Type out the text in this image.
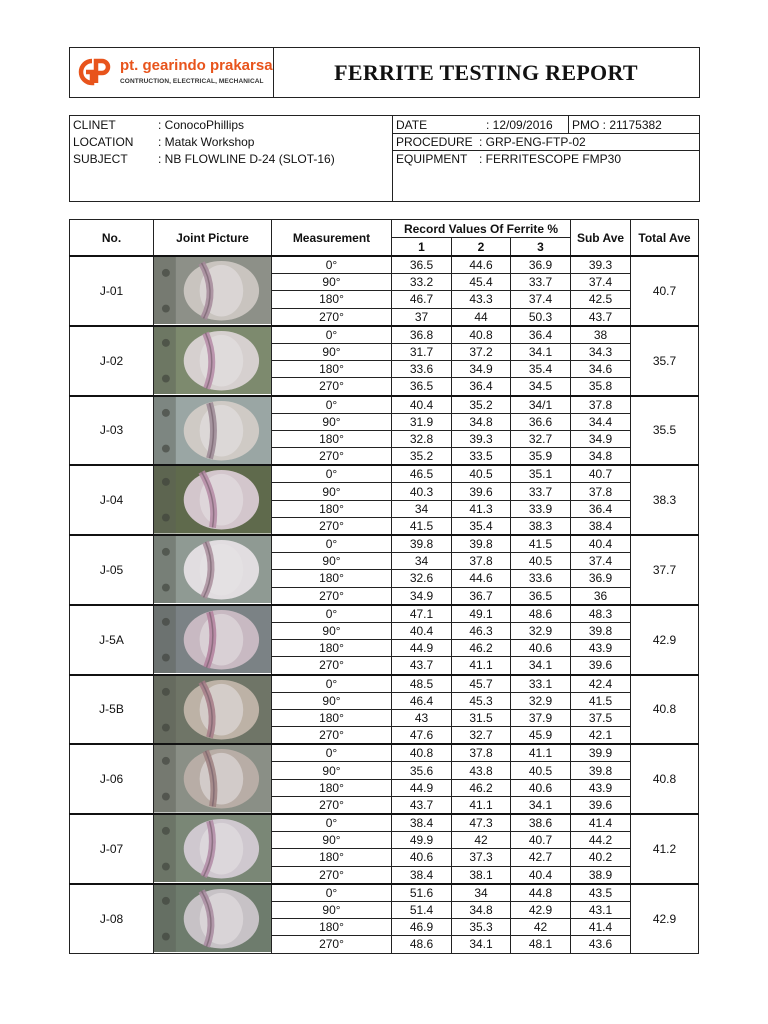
pt. gearindo prakarsa
CONTRUCTION, ELECTRICAL, MECHANICAL	FERRITE TESTING REPORT
CLINET	: ConocoPhillips
LOCATION : Matak Workshop
SUBJECT	: NB FLOWLINE D-24 (SLOT-16)
DATE	: 12/09/2016 PMO : 21175382
PROCEDURE : GRP-ENG-FTP-02
EQUIPMENT : FERRITESCOPE FMP30
No.	Joint Picture	Measurement	Record Values Of Ferrite %			Sub Ave	Total Ave
			1	2	3		
J-01		0°	36.5	44.6	36.9	39.3	40.7
		90°	33.2	45.4	33.7	37.4	
		180°	46.7	43.3	37.4	42.5	
		270°	37	44	50.3	43.7	
J-02		0°	36.8	40.8	36.4	38	35.7
		90°	31.7	37.2	34.1	34.3	
		180°	33.6	34.9	35.4	34.6	
		270°	36.5	36.4	34.5	35.8	
J-03		0°	40.4	35.2	34/1	37.8	35.5
		90°	31.9	34.8	36.6	34.4	
		180°	32.8	39.3	32.7	34.9	
		270°	35.2	33.5	35.9	34.8	
J-04		0°	46.5	40.5	35.1	40.7	38.3
		90°	40.3	39.6	33.7	37.8	
		180°	34	41.3	33.9	36.4	
		270°	41.5	35.4	38.3	38.4	
J-05		0°	39.8	39.8	41.5	40.4	37.7
		90°	34	37.8	40.5	37.4	
		180°	32.6	44.6	33.6	36.9	
		270°	34.9	36.7	36.5	36	
J-5A		0°	47.1	49.1	48.6	48.3	42.9
		90°	40.4	46.3	32.9	39.8	
		180°	44.9	46.2	40.6	43.9	
		270°	43.7	41.1	34.1	39.6	
J-5B		0°	48.5	45.7	33.1	42.4	40.8
		90°	46.4	45.3	32.9	41.5	
		180°	43	31.5	37.9	37.5	
		270°	47.6	32.7	45.9	42.1	
J-06		0°	40.8	37.8	41.1	39.9	40.8
		90°	35.6	43.8	40.5	39.8	
		180°	44.9	46.2	40.6	43.9	
		270°	43.7	41.1	34.1	39.6	
J-07		0°	38.4	47.3	38.6	41.4	41.2
		90°	49.9	42	40.7	44.2	
		180°	40.6	37.3	42.7	40.2	
		270°	38.4	38.1	40.4	38.9	
J-08		0°	51.6	34	44.8	43.5	42.9
		90°	51.4	34.8	42.9	43.1	
		180°	46.9	35.3	42	41.4	
		270°	48.6	34.1	48.1	43.6	
